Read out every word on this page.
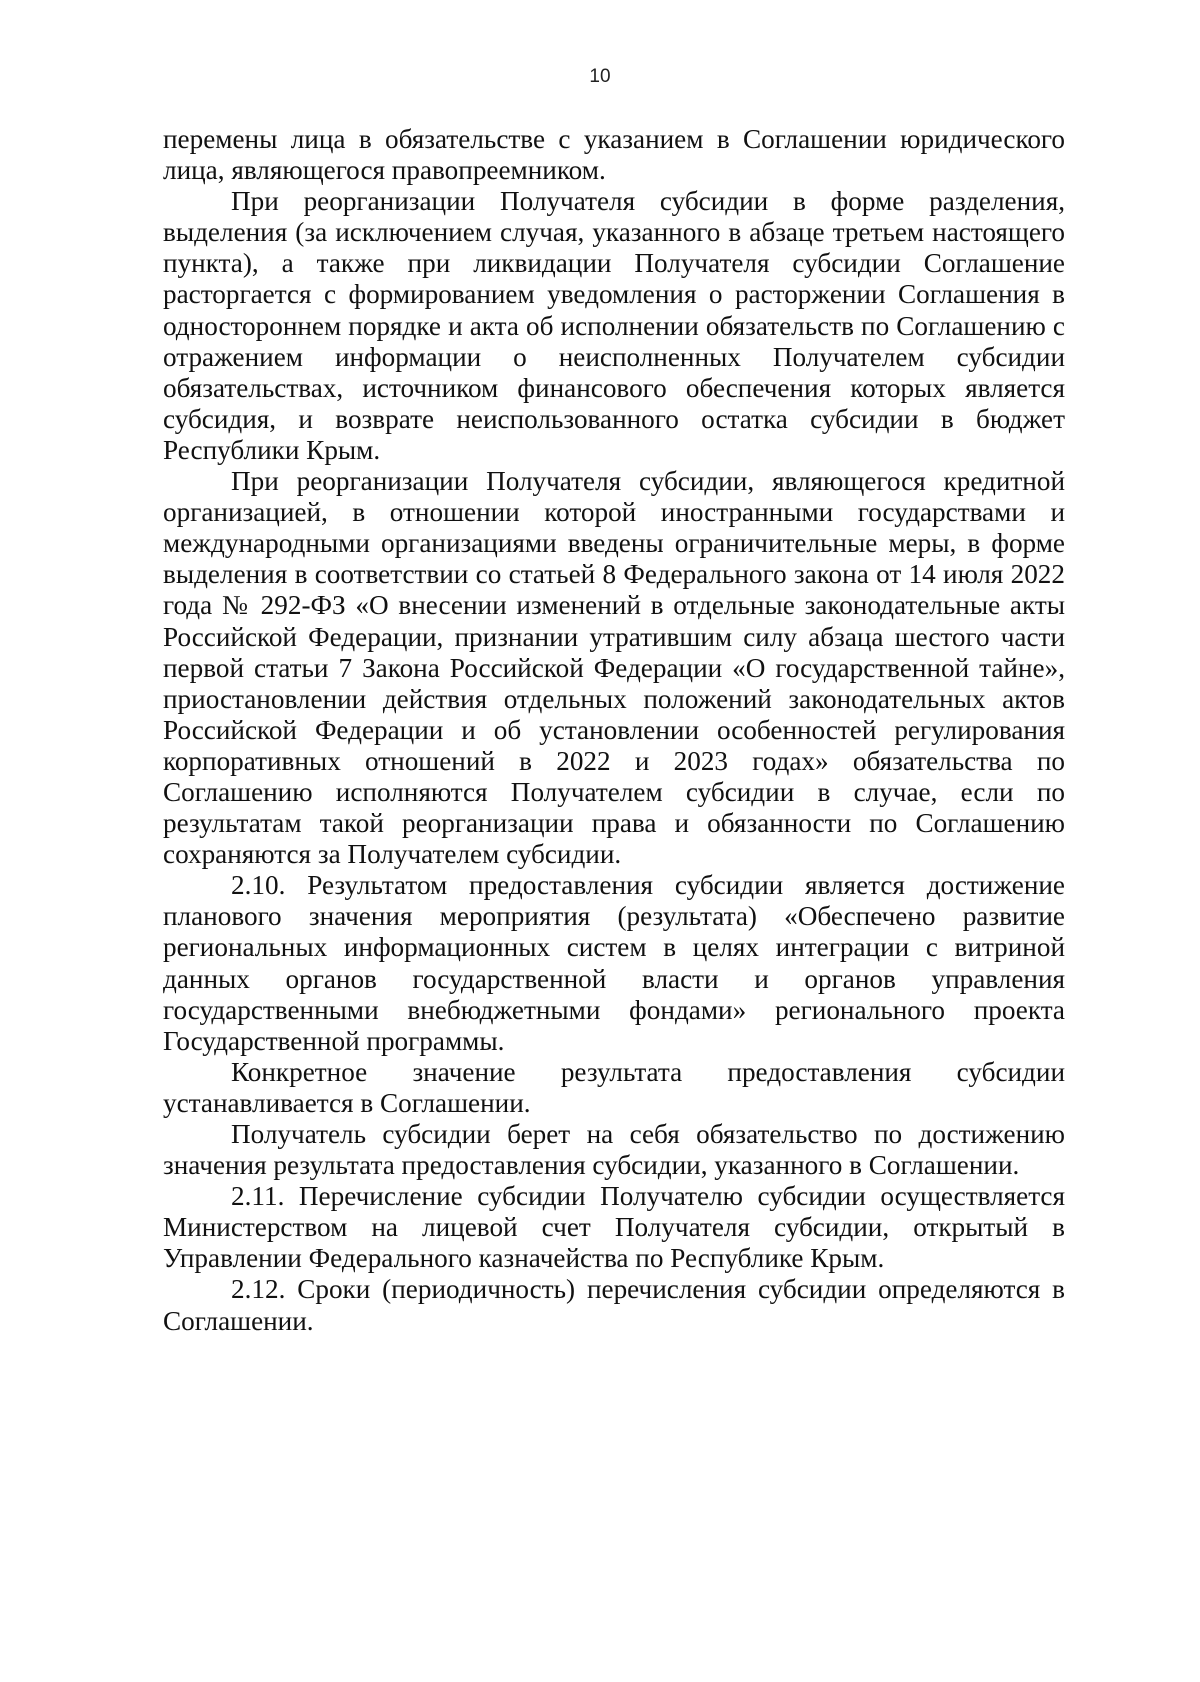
10

перемены лица в обязательстве с указанием в Соглашении юридического лица, являющегося правопреемником.

При реорганизации Получателя субсидии в форме разделения, выделения (за исключением случая, указанного в абзаце третьем настоящего пункта), а также при ликвидации Получателя субсидии Соглашение расторгается с формированием уведомления о расторжении Соглашения в одностороннем порядке и акта об исполнении обязательств по Соглашению с отражением информации о неисполненных Получателем субсидии обязательствах, источником финансового обеспечения которых является субсидия, и возврате неиспользованного остатка субсидии в бюджет Республики Крым.

При реорганизации Получателя субсидии, являющегося кредитной организацией, в отношении которой иностранными государствами и международными организациями введены ограничительные меры, в форме выделения в соответствии со статьей 8 Федерального закона от 14 июля 2022 года № 292-ФЗ «О внесении изменений в отдельные законодательные акты Российской Федерации, признании утратившим силу абзаца шестого части первой статьи 7 Закона Российской Федерации «О государственной тайне», приостановлении действия отдельных положений законодательных актов Российской Федерации и об установлении особенностей регулирования корпоративных отношений в 2022 и 2023 годах» обязательства по Соглашению исполняются Получателем субсидии в случае, если по результатам такой реорганизации права и обязанности по Соглашению сохраняются за Получателем субсидии.

2.10. Результатом предоставления субсидии является достижение планового значения мероприятия (результата) «Обеспечено развитие региональных информационных систем в целях интеграции с витриной данных органов государственной власти и органов управления государственными внебюджетными фондами» регионального проекта Государственной программы.

Конкретное значение результата предоставления субсидии устанавливается в Соглашении.

Получатель субсидии берет на себя обязательство по достижению значения результата предоставления субсидии, указанного в Соглашении.

2.11. Перечисление субсидии Получателю субсидии осуществляется Министерством на лицевой счет Получателя субсидии, открытый в Управлении Федерального казначейства по Республике Крым.

2.12. Сроки (периодичность) перечисления субсидии определяются в Соглашении.
